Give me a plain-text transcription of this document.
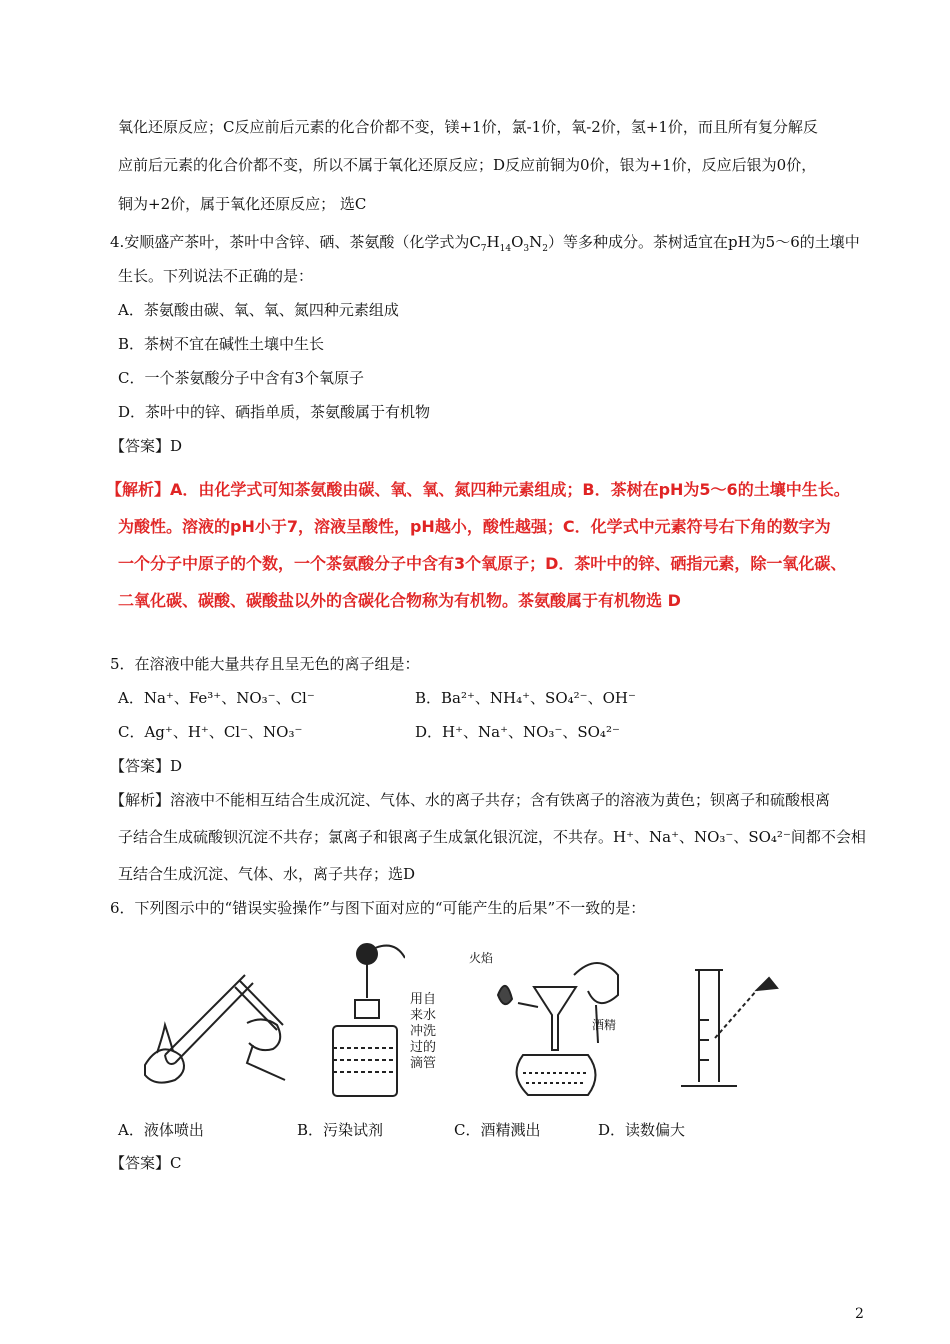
氧化还原反应；C反应前后元素的化合价都不变，镁+1价，氯-1价，氧-2价，氢+1价，而且所有复分解反
应前后元素的化合价都不变，所以不属于氧化还原反应；D反应前铜为0价，银为+1价，反应后银为0价，
铜为+2价，属于氧化还原反应； 选C
4.安顺盛产茶叶，茶叶中含锌、硒、茶氨酸（化学式为$C_7H_{14}O_3N_2$）等多种成分。茶树适宜在pH为5～6的土壤中
生长。下列说法不正确的是：
A．茶氨酸由碳、氧、氧、氮四种元素组成
B．茶树不宜在碱性土壤中生长
C．一个茶氨酸分子中含有3个氧原子
D．茶叶中的锌、硒指单质，茶氨酸属于有机物
【答案】D
【解析】A．由化学式可知茶氨酸由碳、氧、氧、氮四种元素组成；B．茶树在pH为5～6的土壤中生长。
为酸性。溶液的pH小于7，溶液呈酸性，pH越小，酸性越强；C．化学式中元素符号右下角的数字为
一个分子中原子的个数，一个茶氨酸分子中含有3个氧原子；D．茶叶中的锌、硒指元素，除一氧化碳、
二氧化碳、碳酸、碳酸盐以外的含碳化合物称为有机物。茶氨酸属于有机物选 D
5．在溶液中能大量共存且呈无色的离子组是：
A．Na⁺、Fe³⁺、NO₃⁻、Cl⁻	B．Ba²⁺、NH₄⁺、SO₄²⁻、OH⁻
C．Ag⁺、H⁺、Cl⁻、NO₃⁻	D．H⁺、Na⁺、NO₃⁻、SO₄²⁻
【答案】D
【解析】溶液中不能相互结合生成沉淀、气体、水的离子共存；含有铁离子的溶液为黄色；钡离子和硫酸根离
子结合生成硫酸钡沉淀不共存；氯离子和银离子生成氯化银沉淀，不共存。H⁺、Na⁺、NO₃⁻、SO₄²⁻间都不会相
互结合生成沉淀、气体、水，离子共存；选D
6．下列图示中的“错误实验操作”与图下面对应的“可能产生的后果”不一致的是：
用自
来水
冲洗
过的
滴管
火焰
酒精
A．液体喷出	B．污染试剂	C．酒精溅出	D．读数偏大
【答案】C
2
